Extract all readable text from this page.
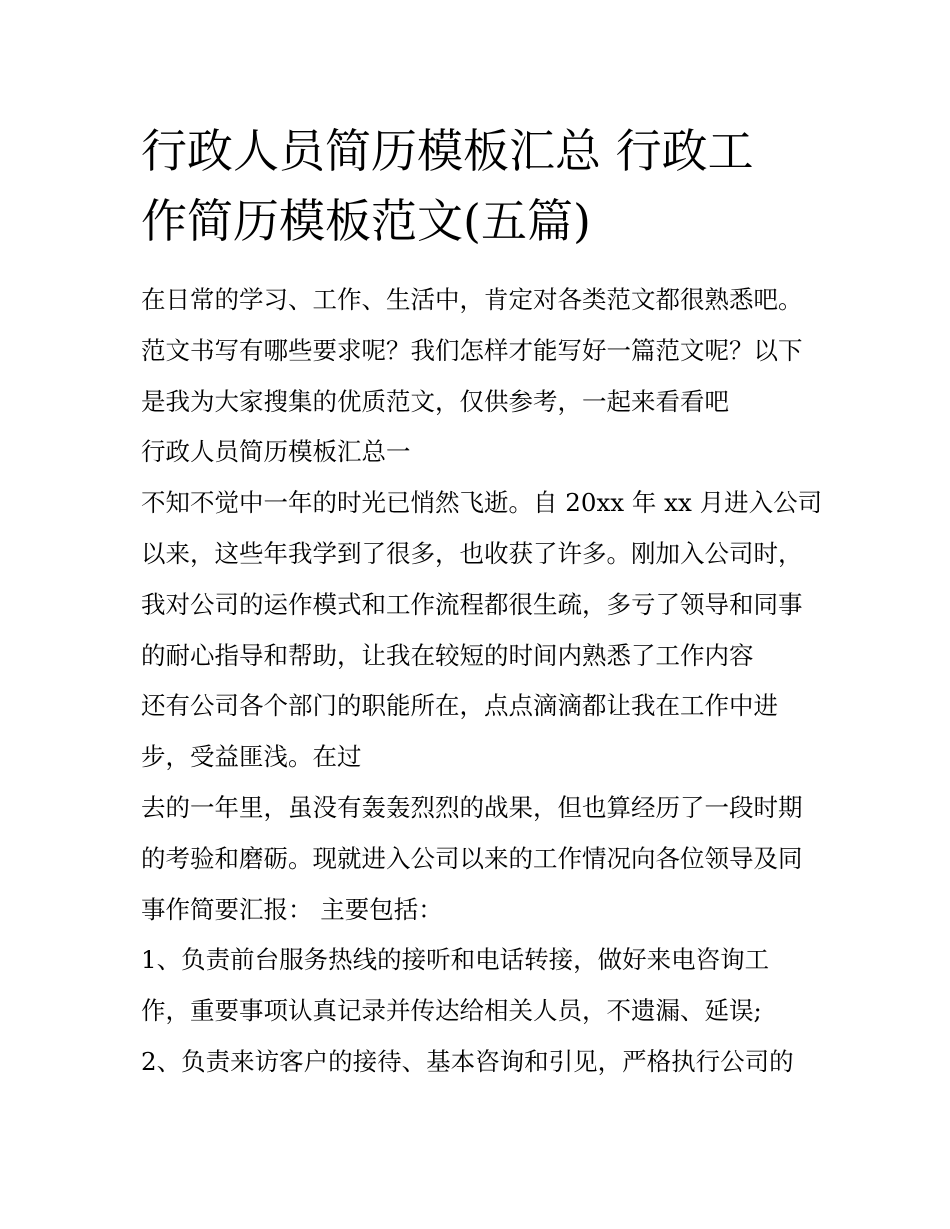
行政人员简历模板汇总 行政工
作简历模板范文(五篇)
在日常的学习、工作、生活中，肯定对各类范文都很熟悉吧。
范文书写有哪些要求呢？我们怎样才能写好一篇范文呢？以下
是我为大家搜集的优质范文，仅供参考，一起来看看吧
行政人员简历模板汇总一
不知不觉中一年的时光已悄然飞逝。自 20xx 年 xx 月进入公司
以来，这些年我学到了很多，也收获了许多。刚加入公司时，
我对公司的运作模式和工作流程都很生疏，多亏了领导和同事
的耐心指导和帮助，让我在较短的时间内熟悉了工作内容
还有公司各个部门的职能所在，点点滴滴都让我在工作中进
步，受益匪浅。在过
去的一年里，虽没有轰轰烈烈的战果，但也算经历了一段时期
的考验和磨砺。现就进入公司以来的工作情况向各位领导及同
事作简要汇报： 主要包括：
1、负责前台服务热线的接听和电话转接，做好来电咨询工
作，重要事项认真记录并传达给相关人员，不遗漏、延误;
2、负责来访客户的接待、基本咨询和引见，严格执行公司的
